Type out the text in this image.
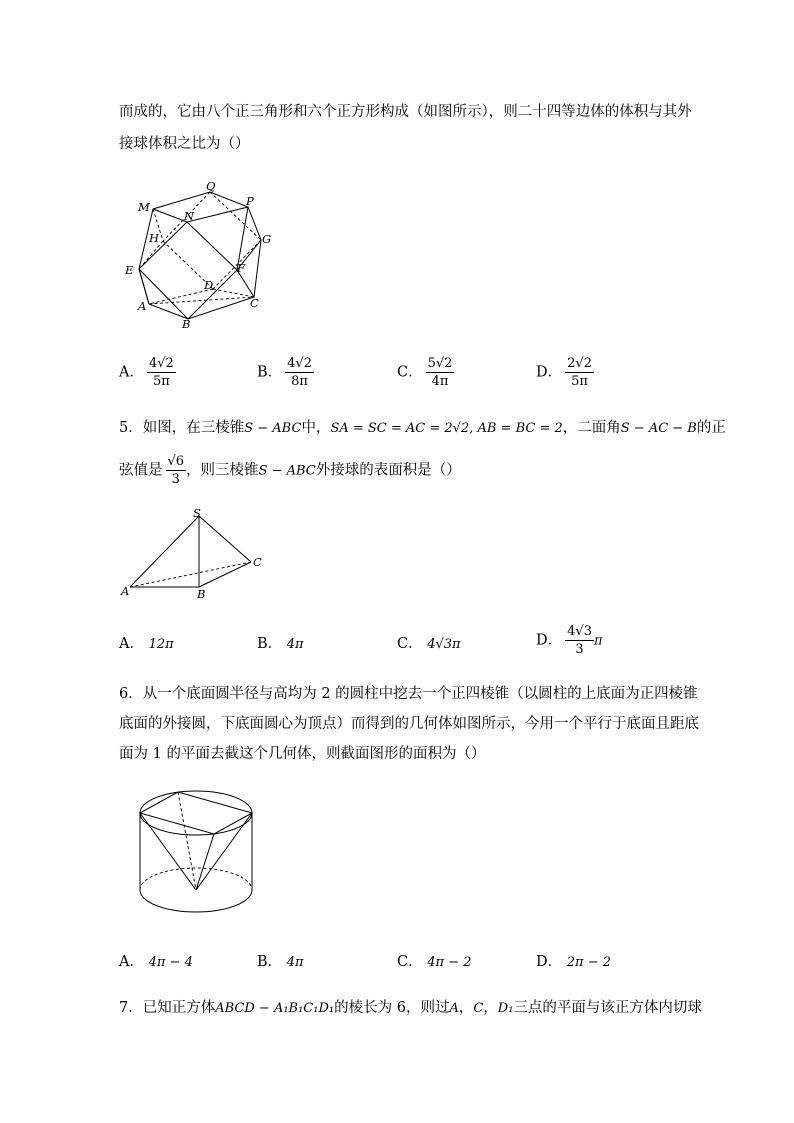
而成的，它由八个正三角形和六个正方形构成（如图所示），则二十四等边体的体积与其外
接球体积之比为（）
M
Q
N
P
H	G
E	F
D
A	C
B
A． $\frac{4√2}{5\pi}$	B． $\frac{4√2}{8\pi}$	C． $\frac{5√2}{4\pi}$	D． $\frac{2√2}{5\pi}$
5．如图，在三棱锥S − ABC中，SA = SC = AC = 2√2, AB = BC = 2，二面角S − AC − B的正
弦值是 $\frac{√6}{3}$ ，则三棱锥S − ABC外接球的表面积是（）
S
C
A	B
A． 12π	B． 4π	C． 4√3π	D． $\frac{4√3}{3}$ π
6．从一个底面圆半径与高均为 2 的圆柱中挖去一个正四棱锥（以圆柱的上底面为正四棱锥
底面的外接圆，下底面圆心为顶点）而得到的几何体如图所示，今用一个平行于底面且距底
面为 1 的平面去截这个几何体，则截面图形的面积为（）
A． 4π − 4	B． 4π	C． 4π − 2	D． 2π − 2
7．已知正方体ABCD − A₁B₁C₁D₁的棱长为 6，则过A，C，D₁三点的平面与该正方体内切球
